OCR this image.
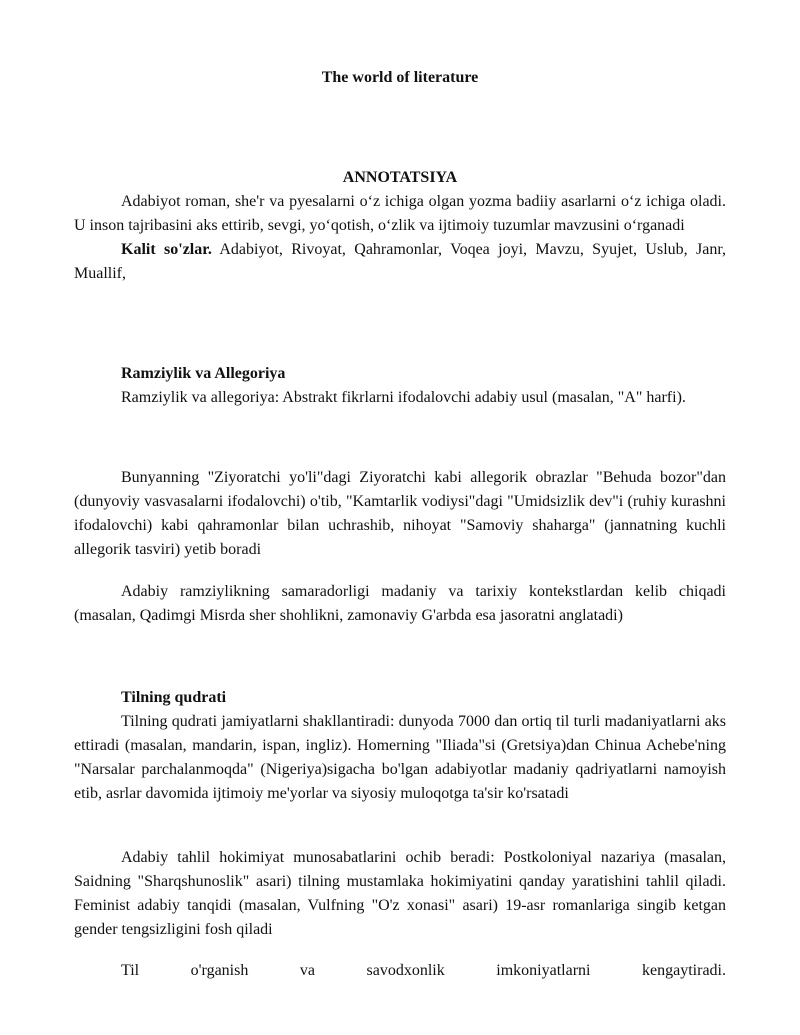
The world of literature
ANNOTATSIYA

Adabiyot roman, she'r va pyesalarni o‘z ichiga olgan yozma badiiy asarlarni o‘z ichiga oladi. U inson tajribasini aks ettirib, sevgi, yo‘qotish, o‘zlik va ijtimoiy tuzumlar mavzusini o‘rganadi

Kalit so'zlar. Adabiyot, Rivoyat, Qahramonlar, Voqea joyi, Mavzu, Syujet, Uslub, Janr, Muallif,

Ramziylik va Allegoriya

Ramziylik va allegoriya: Abstrakt fikrlarni ifodalovchi adabiy usul (masalan, "A" harfi).

Bunyanning "Ziyoratchi yo'li"dagi Ziyoratchi kabi allegorik obrazlar "Behuda bozor"dan (dunyoviy vasvasalarni ifodalovchi) o'tib, "Kamtarlik vodiysi"dagi "Umidsizlik dev"i (ruhiy kurashni ifodalovchi) kabi qahramonlar bilan uchrashib, nihoyat "Samoviy shaharga" (jannatning kuchli allegorik tasviri) yetib boradi

Adabiy ramziylikning samaradorligi madaniy va tarixiy kontekstlardan kelib chiqadi (masalan, Qadimgi Misrda sher shohlikni, zamonaviy G'arbda esa jasoratni anglatadi)

Tilning qudrati

Tilning qudrati jamiyatlarni shakllantiradi: dunyoda 7000 dan ortiq til turli madaniyatlarni aks ettiradi (masalan, mandarin, ispan, ingliz). Homerning "Iliada"si (Gretsiya)dan Chinua Achebe'ning "Narsalar parchalanmoqda" (Nigeriya)sigacha bo'lgan adabiyotlar madaniy qadriyatlarni namoyish etib, asrlar davomida ijtimoiy me'yorlar va siyosiy muloqotga ta'sir ko'rsatadi

Adabiy tahlil hokimiyat munosabatlarini ochib beradi: Postkoloniyal nazariya (masalan, Saidning "Sharqshunoslik" asari) tilning mustamlaka hokimiyatini qanday yaratishini tahlil qiladi. Feminist adabiy tanqidi (masalan, Vulfning "O'z xonasi" asari) 19-asr romanlariga singib ketgan gender tengsizligini fosh qiladi

Til o'rganish va savodxonlik imkoniyatlarni kengaytiradi.
